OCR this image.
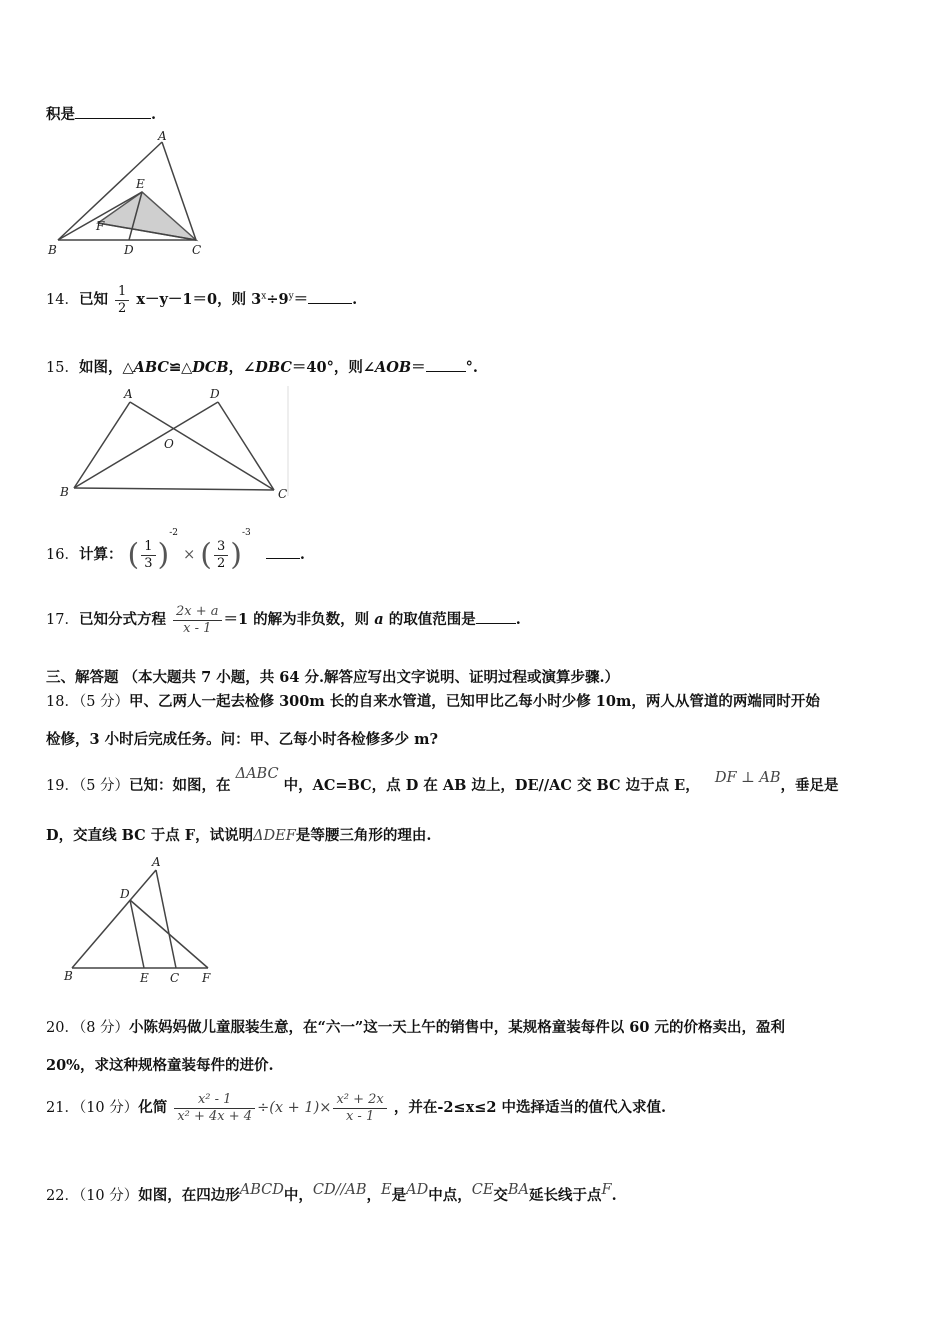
积是	.
A
E
F
B	D	C
14．已知 $\frac{1}{2} x-y-1=0$，则 $3^x\div 9^y=$	.
15．如图，△ABC≌△DCB，∠DBC＝40°，则∠AOB＝	°.
A	D
O
B	C
16．计算： ( $\frac{1}{3} )^{-2}$ × ( $\frac{3}{2} )^{-3}$ .
17．已知分式方程 $\frac{2x + a}{x - 1} =1$ 的解为非负数，则 a 的取值范围是	.
三、解答题 （本大题共 7 小题，共 64 分.解答应写出文字说明、证明过程或演算步骤.）
18．（5 分）甲、乙两人一起去检修 300m 长的自来水管道，已知甲比乙每小时少修 10m，两人从管道的两端同时开始
检修，3 小时后完成任务。问：甲、乙每小时各检修多少 m?
19．（5 分）已知：如图，在 ΔABC 中，AC=BC，点 D 在 AB 边上，DE//AC 交 BC 边于点 E， DF ⊥ AB，垂足是
D，交直线 BC 于点 F，试说明ΔDEF是等腰三角形的理由.
A
D
B	E C F
20．（8 分）小陈妈妈做儿童服装生意，在“六一”这一天上午的销售中，某规格童装每件以 60 元的价格卖出，盈利
20%，求这种规格童装每件的进价.
21．（10 分）化简 $\frac{\text{x² - 1}}{\text{x² + 4x + 4}} \div(x + 1)\times \frac{\text{x² + 2x}}{x - 1}$ ，并在-2≤x≤2 中选择适当的值代入求值.
22．（10 分）如图，在四边形ABCD中，CD//AB，E是AD中点，CE交BA延长线于点F.
